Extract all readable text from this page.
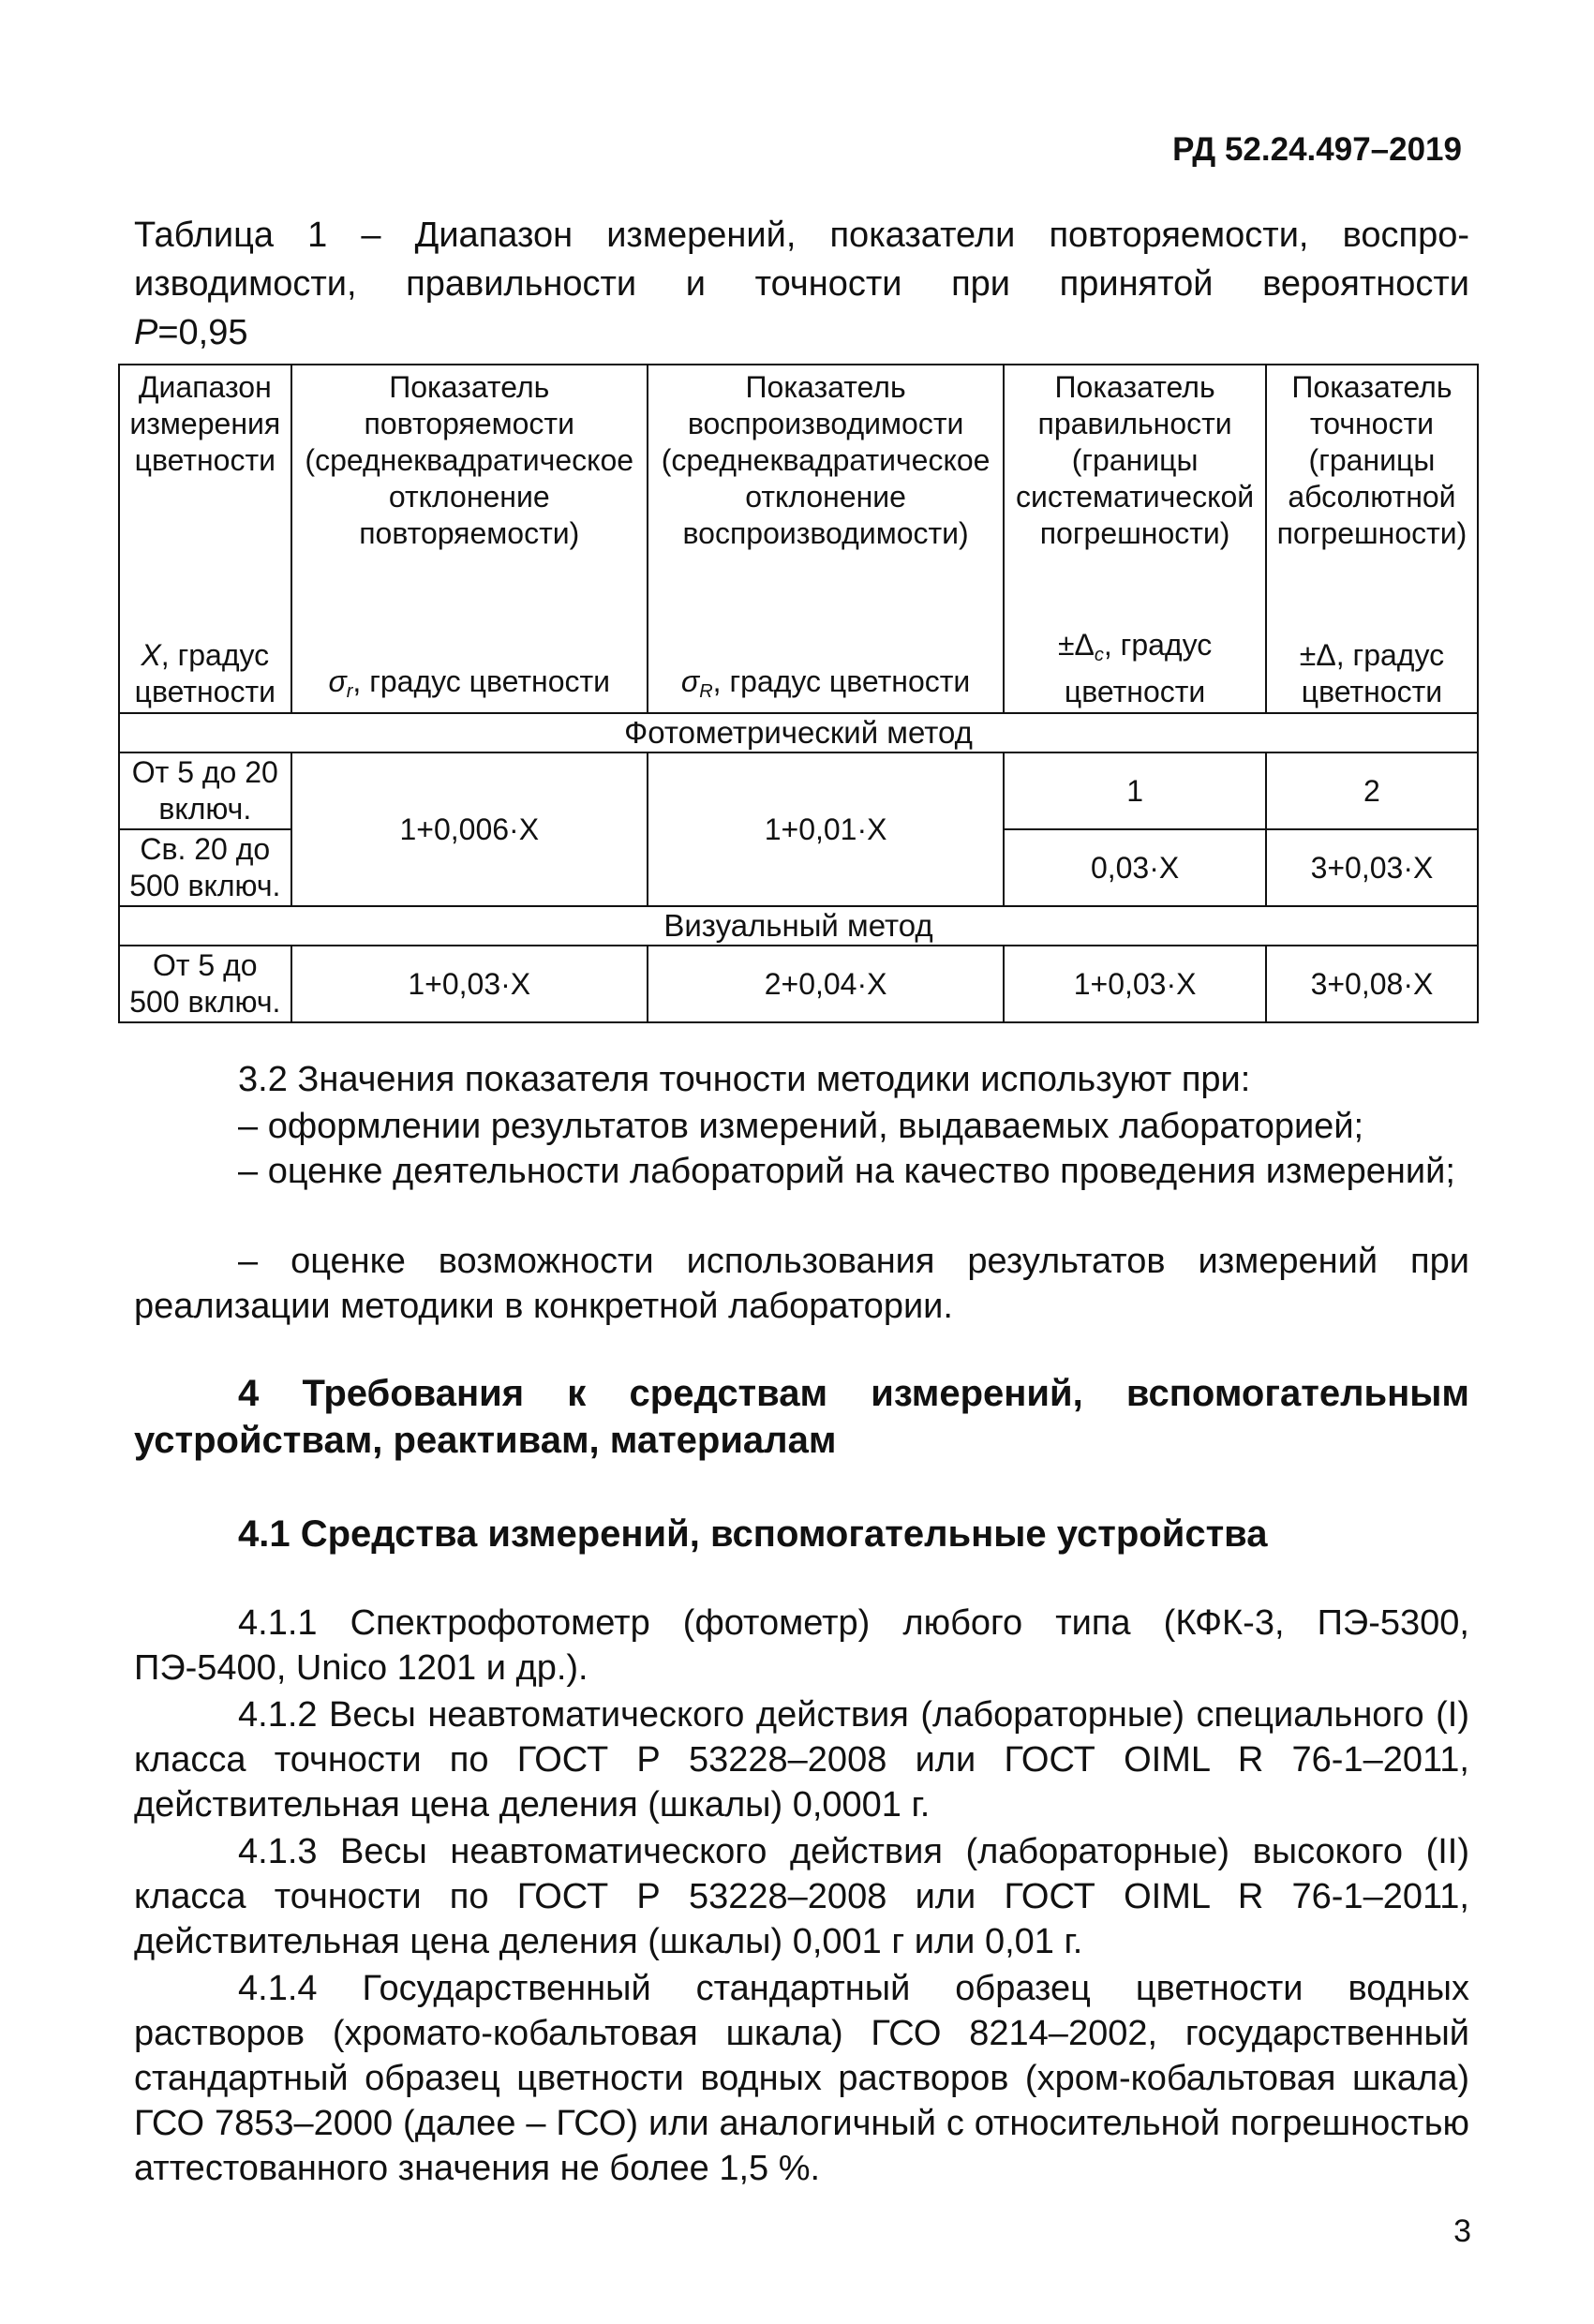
РД 52.24.497–2019
Таблица 1 – Диапазон измерений, показатели повторяемости, воспро-
изводимости, правильности и точности при принятой вероятности
P=0,95
Диапазон измерения цветности	Показатель повторяемости (среднеквадратическое отклонение повторяемости)	Показатель воспроизводимости (среднеквадратическое отклонение воспроизводимости)	Показатель правильности (границы систематической погрешности)	Показатель точности (границы абсолютной погрешности)
X, градус цветности	$\sigma_r$, градус цветности	$\sigma_R$, градус цветности	$\pm\Delta_c$, градус цветности	±Δ, градус цветности
Фотометрический метод				
От 5 до 20 включ.	1+0,006·X	1+0,01·X	1	2
Св. 20 до 500 включ.			0,03·X	3+0,03·X
Визуальный метод				
От 5 до 500 включ.	1+0,03·X	2+0,04·X	1+0,03·X	3+0,08·X
3.2 Значения показателя точности методики используют при:
– оформлении результатов измерений, выдаваемых лабораторией;
– оценке деятельности лабораторий на качество проведения измерений;
– оценке возможности использования результатов измерений при реализации методики в конкретной лаборатории.
4 Требования к средствам измерений, вспомогательным устройствам, реактивам, материалам
4.1 Средства измерений, вспомогательные устройства
4.1.1 Спектрофотометр (фотометр) любого типа (КФК-3, ПЭ-5300, ПЭ-5400, Unico 1201 и др.).
4.1.2 Весы неавтоматического действия (лабораторные) специального (I) класса точности по ГОСТ Р 53228–2008 или ГОСТ OIML R 76-1–2011, действительная цена деления (шкалы) 0,0001 г.
4.1.3 Весы неавтоматического действия (лабораторные) высокого (II) класса точности по ГОСТ Р 53228–2008 или ГОСТ OIML R 76-1–2011, действительная цена деления (шкалы) 0,001 г или 0,01 г.
4.1.4 Государственный стандартный образец цветности водных растворов (хромато-кобальтовая шкала) ГСО 8214–2002, государственный стандартный образец цветности водных растворов (хром-кобальтовая шкала) ГСО 7853–2000 (далее – ГСО) или аналогичный с относительной погрешностью аттестованного значения не более 1,5 %.
3
